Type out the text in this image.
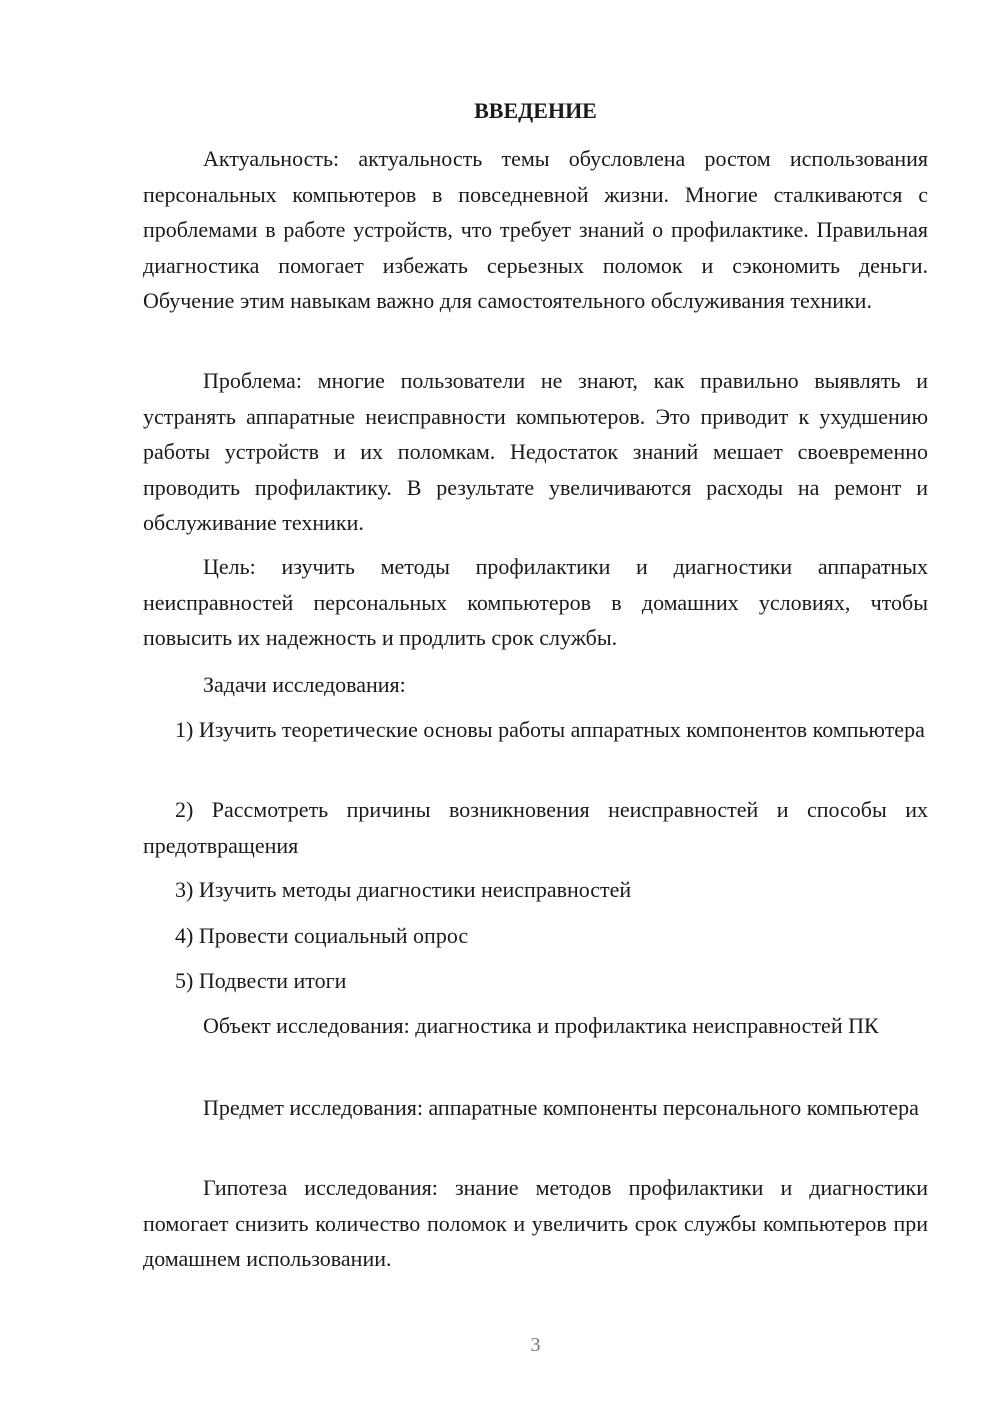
ВВЕДЕНИЕ

Актуальность: актуальность темы обусловлена ростом использования персональных компьютеров в повседневной жизни. Многие сталкиваются с проблемами в работе устройств, что требует знаний о профилактике. Правильная диагностика помогает избежать серьезных поломок и сэкономить деньги. Обучение этим навыкам важно для самостоятельного обслуживания техники.

Проблема: многие пользователи не знают, как правильно выявлять и устранять аппаратные неисправности компьютеров. Это приводит к ухудшению работы устройств и их поломкам. Недостаток знаний мешает своевременно проводить профилактику. В результате увеличиваются расходы на ремонт и обслуживание техники.

Цель: изучить методы профилактики и диагностики аппаратных неисправностей персональных компьютеров в домашних условиях, чтобы повысить их надежность и продлить срок службы.

Задачи исследования:

1) Изучить теоретические основы работы аппаратных компонентов компьютера

2) Рассмотреть причины возникновения неисправностей и способы их предотвращения

3) Изучить методы диагностики неисправностей

4) Провести социальный опрос

5) Подвести итоги

Объект исследования: диагностика и профилактика неисправностей ПК

Предмет исследования: аппаратные компоненты персонального компьютера

Гипотеза исследования: знание методов профилактики и диагностики помогает снизить количество поломок и увеличить срок службы компьютеров при домашнем использовании.

3
